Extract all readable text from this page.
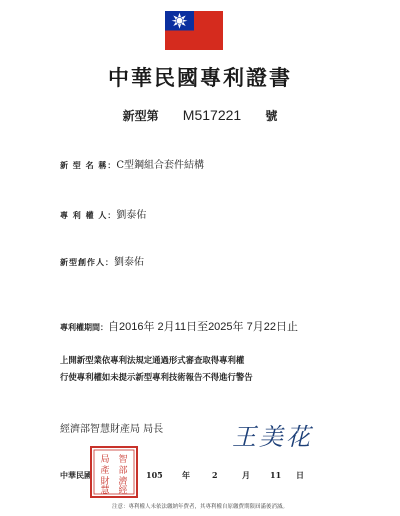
中華民國專利證書
新型第 M517221 號
新 型 名 稱：C型鋼組合套件結構
專 利 權 人：劉泰佑
新型創作人：劉泰佑
專利權期間：自2016年 2月11日至2025年 7月22日止
上開新型業依專利法規定通過形式審查取得專利權
行使專利權如未提示新型專利技術報告不得進行警告
經濟部智慧財產局 局長	王美花
中華民國	105 年	2	月	11 日
局
產
財
慧
智
部
濟
經
注意：專利權人未依法繳納年費者，其專利權自原繳費期限屆滿後消滅。
